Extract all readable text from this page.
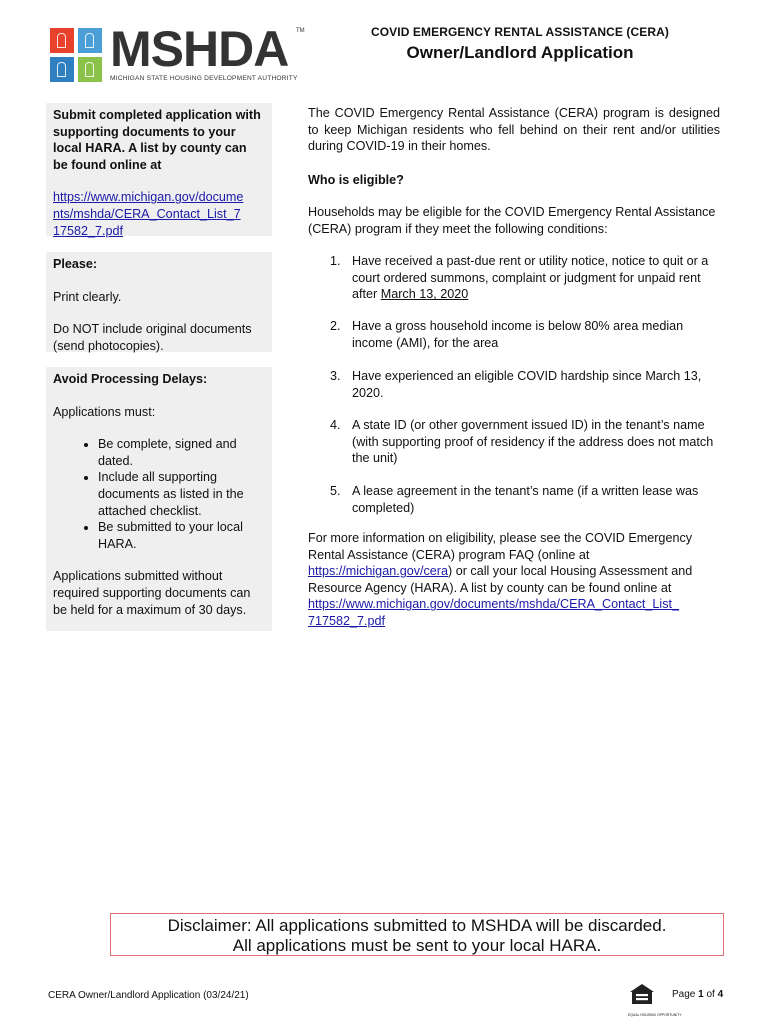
MSHDA TM
MICHIGAN STATE HOUSING DEVELOPMENT AUTHORITY
COVID EMERGENCY RENTAL ASSISTANCE (CERA)
Owner/Landlord Application

Submit completed application with supporting documents to your local HARA. A list by county can be found online at

https://www.michigan.gov/docume
nts/mshda/CERA_Contact_List_7
17582_7.pdf

Please:

Print clearly.

Do NOT include original documents (send photocopies).

Avoid Processing Delays:

Applications must:

• Be complete, signed and dated.
• Include all supporting documents as listed in the attached checklist.
• Be submitted to your local HARA.

Applications submitted without required supporting documents can be held for a maximum of 30 days.

The COVID Emergency Rental Assistance (CERA) program is designed to keep Michigan residents who fell behind on their rent and/or utilities during COVID-19 in their homes.

Who is eligible?
Households may be eligible for the COVID Emergency Rental Assistance (CERA) program if they meet the following conditions:
1. Have received a past-due rent or utility notice, notice to quit or a court ordered summons, complaint or judgment for unpaid rent after March 13, 2020
2. Have a gross household income is below 80% area median income (AMI), for the area
3. Have experienced an eligible COVID hardship since March 13, 2020.
4. A state ID (or other government issued ID) in the tenant’s name (with supporting proof of residency if the address does not match the unit)
5. A lease agreement in the tenant’s name (if a written lease was completed)

For more information on eligibility, please see the COVID Emergency Rental Assistance (CERA) program FAQ (online at https://michigan.gov/cera) or call your local Housing Assessment and Resource Agency (HARA). A list by county can be found online at
https://www.michigan.gov/documents/mshda/CERA_Contact_List_
717582_7.pdf

Disclaimer: All applications submitted to MSHDA will be discarded.
All applications must be sent to your local HARA.
CERA Owner/Landlord Application (03/24/21)
EQUAL HOUSING OPPORTUNITY
Page 1 of 4
